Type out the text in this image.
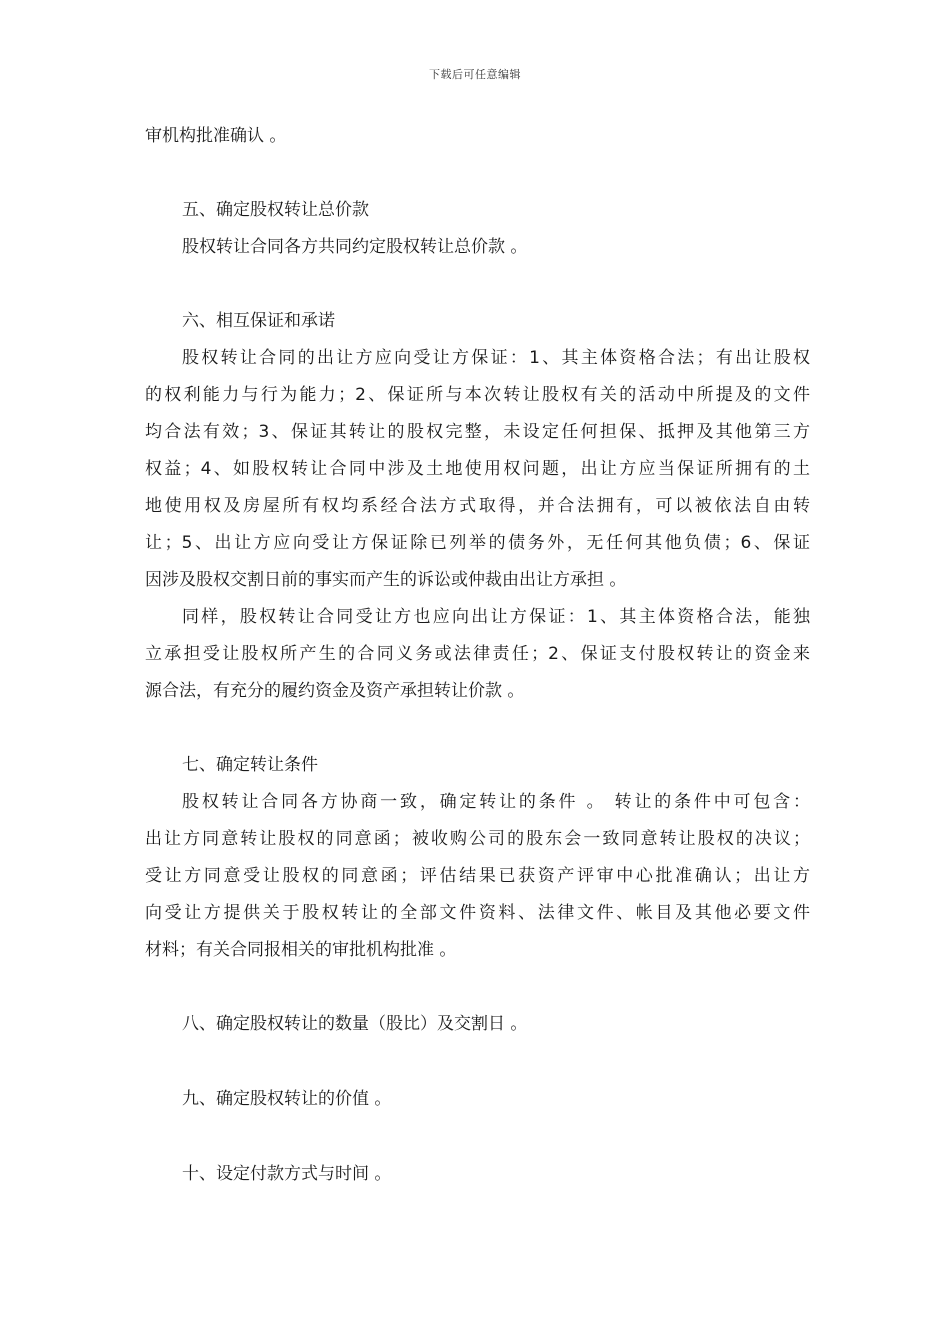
下载后可任意编辑

审机构批准确认 。

五、确定股权转让总价款

股权转让合同各方共同约定股权转让总价款 。

六、相互保证和承诺

股权转让合同的出让方应向受让方保证：1、其主体资格合法；有出让股权

的权利能力与行为能力；2、保证所与本次转让股权有关的活动中所提及的文件

均合法有效；3、保证其转让的股权完整，未设定任何担保、抵押及其他第三方

权益；4、如股权转让合同中涉及土地使用权问题，出让方应当保证所拥有的土

地使用权及房屋所有权均系经合法方式取得，并合法拥有，可以被依法自由转

让；5、出让方应向受让方保证除已列举的债务外，无任何其他负债；6、保证

因涉及股权交割日前的事实而产生的诉讼或仲裁由出让方承担 。

同样，股权转让合同受让方也应向出让方保证：1、其主体资格合法，能独

立承担受让股权所产生的合同义务或法律责任；2、保证支付股权转让的资金来

源合法，有充分的履约资金及资产承担转让价款 。

七、确定转让条件

股权转让合同各方协商一致，确定转让的条件 。 转让的条件中可包含：

出让方同意转让股权的同意函；被收购公司的股东会一致同意转让股权的决议；

受让方同意受让股权的同意函；评估结果已获资产评审中心批准确认；出让方

向受让方提供关于股权转让的全部文件资料、法律文件、帐目及其他必要文件

材料；有关合同报相关的审批机构批准 。

八、确定股权转让的数量（股比）及交割日 。

九、确定股权转让的价值 。

十、设定付款方式与时间 。
